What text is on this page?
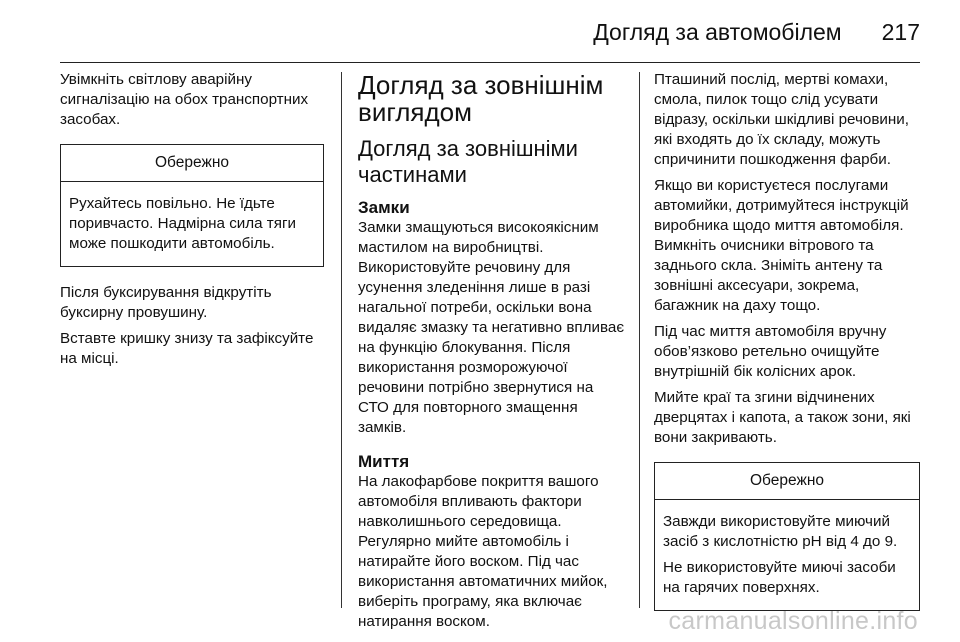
Догляд за автомобілем 217

Увімкніть світлову аварійну сигналізацію на обох транспортних засобах.

Обережно

Рухайтесь повільно. Не їдьте поривчасто. Надмірна сила тяги може пошкодити автомобіль.

Після буксирування відкрутіть буксирну провушину.

Вставте кришку знизу та зафіксуйте на місці.

Догляд за зовнішнім виглядом
Догляд за зовнішніми частинами
Замки

Замки змащуються високоякісним мастилом на виробництві. Використовуйте речовину для усунення зледеніння лише в разі нагальної потреби, оскільки вона видаляє змазку та негативно впливає на функцію блокування. Після використання розморожуючої речовини потрібно звернутися на СТО для повторного змащення замків.

Миття

На лакофарбове покриття вашого автомобіля впливають фактори навколишнього середовища. Регулярно мийте автомобіль і натирайте його воском. Під час використання автоматичних мийок, виберіть програму, яка включає натирання воском.

Пташиний послід, мертві комахи, смола, пилок тощо слід усувати відразу, оскільки шкідливі речовини, які входять до їх складу, можуть спричинити пошкодження фарби.

Якщо ви користуєтеся послугами автомийки, дотримуйтеся інструкцій виробника щодо миття автомобіля. Вимкніть очисники вітрового та заднього скла. Зніміть антену та зовнішні аксесуари, зокрема, багажник на даху тощо.

Під час миття автомобіля вручну обов’язково ретельно очищуйте внутрішній бік колісних арок.

Мийте краї та згини відчинених дверцятах і капота, а також зони, які вони закривають.

Обережно

Завжди використовуйте миючий засіб з кислотністю pH від 4 до 9.

Не використовуйте миючі засоби на гарячих поверхнях.

carmanualsonline.info
